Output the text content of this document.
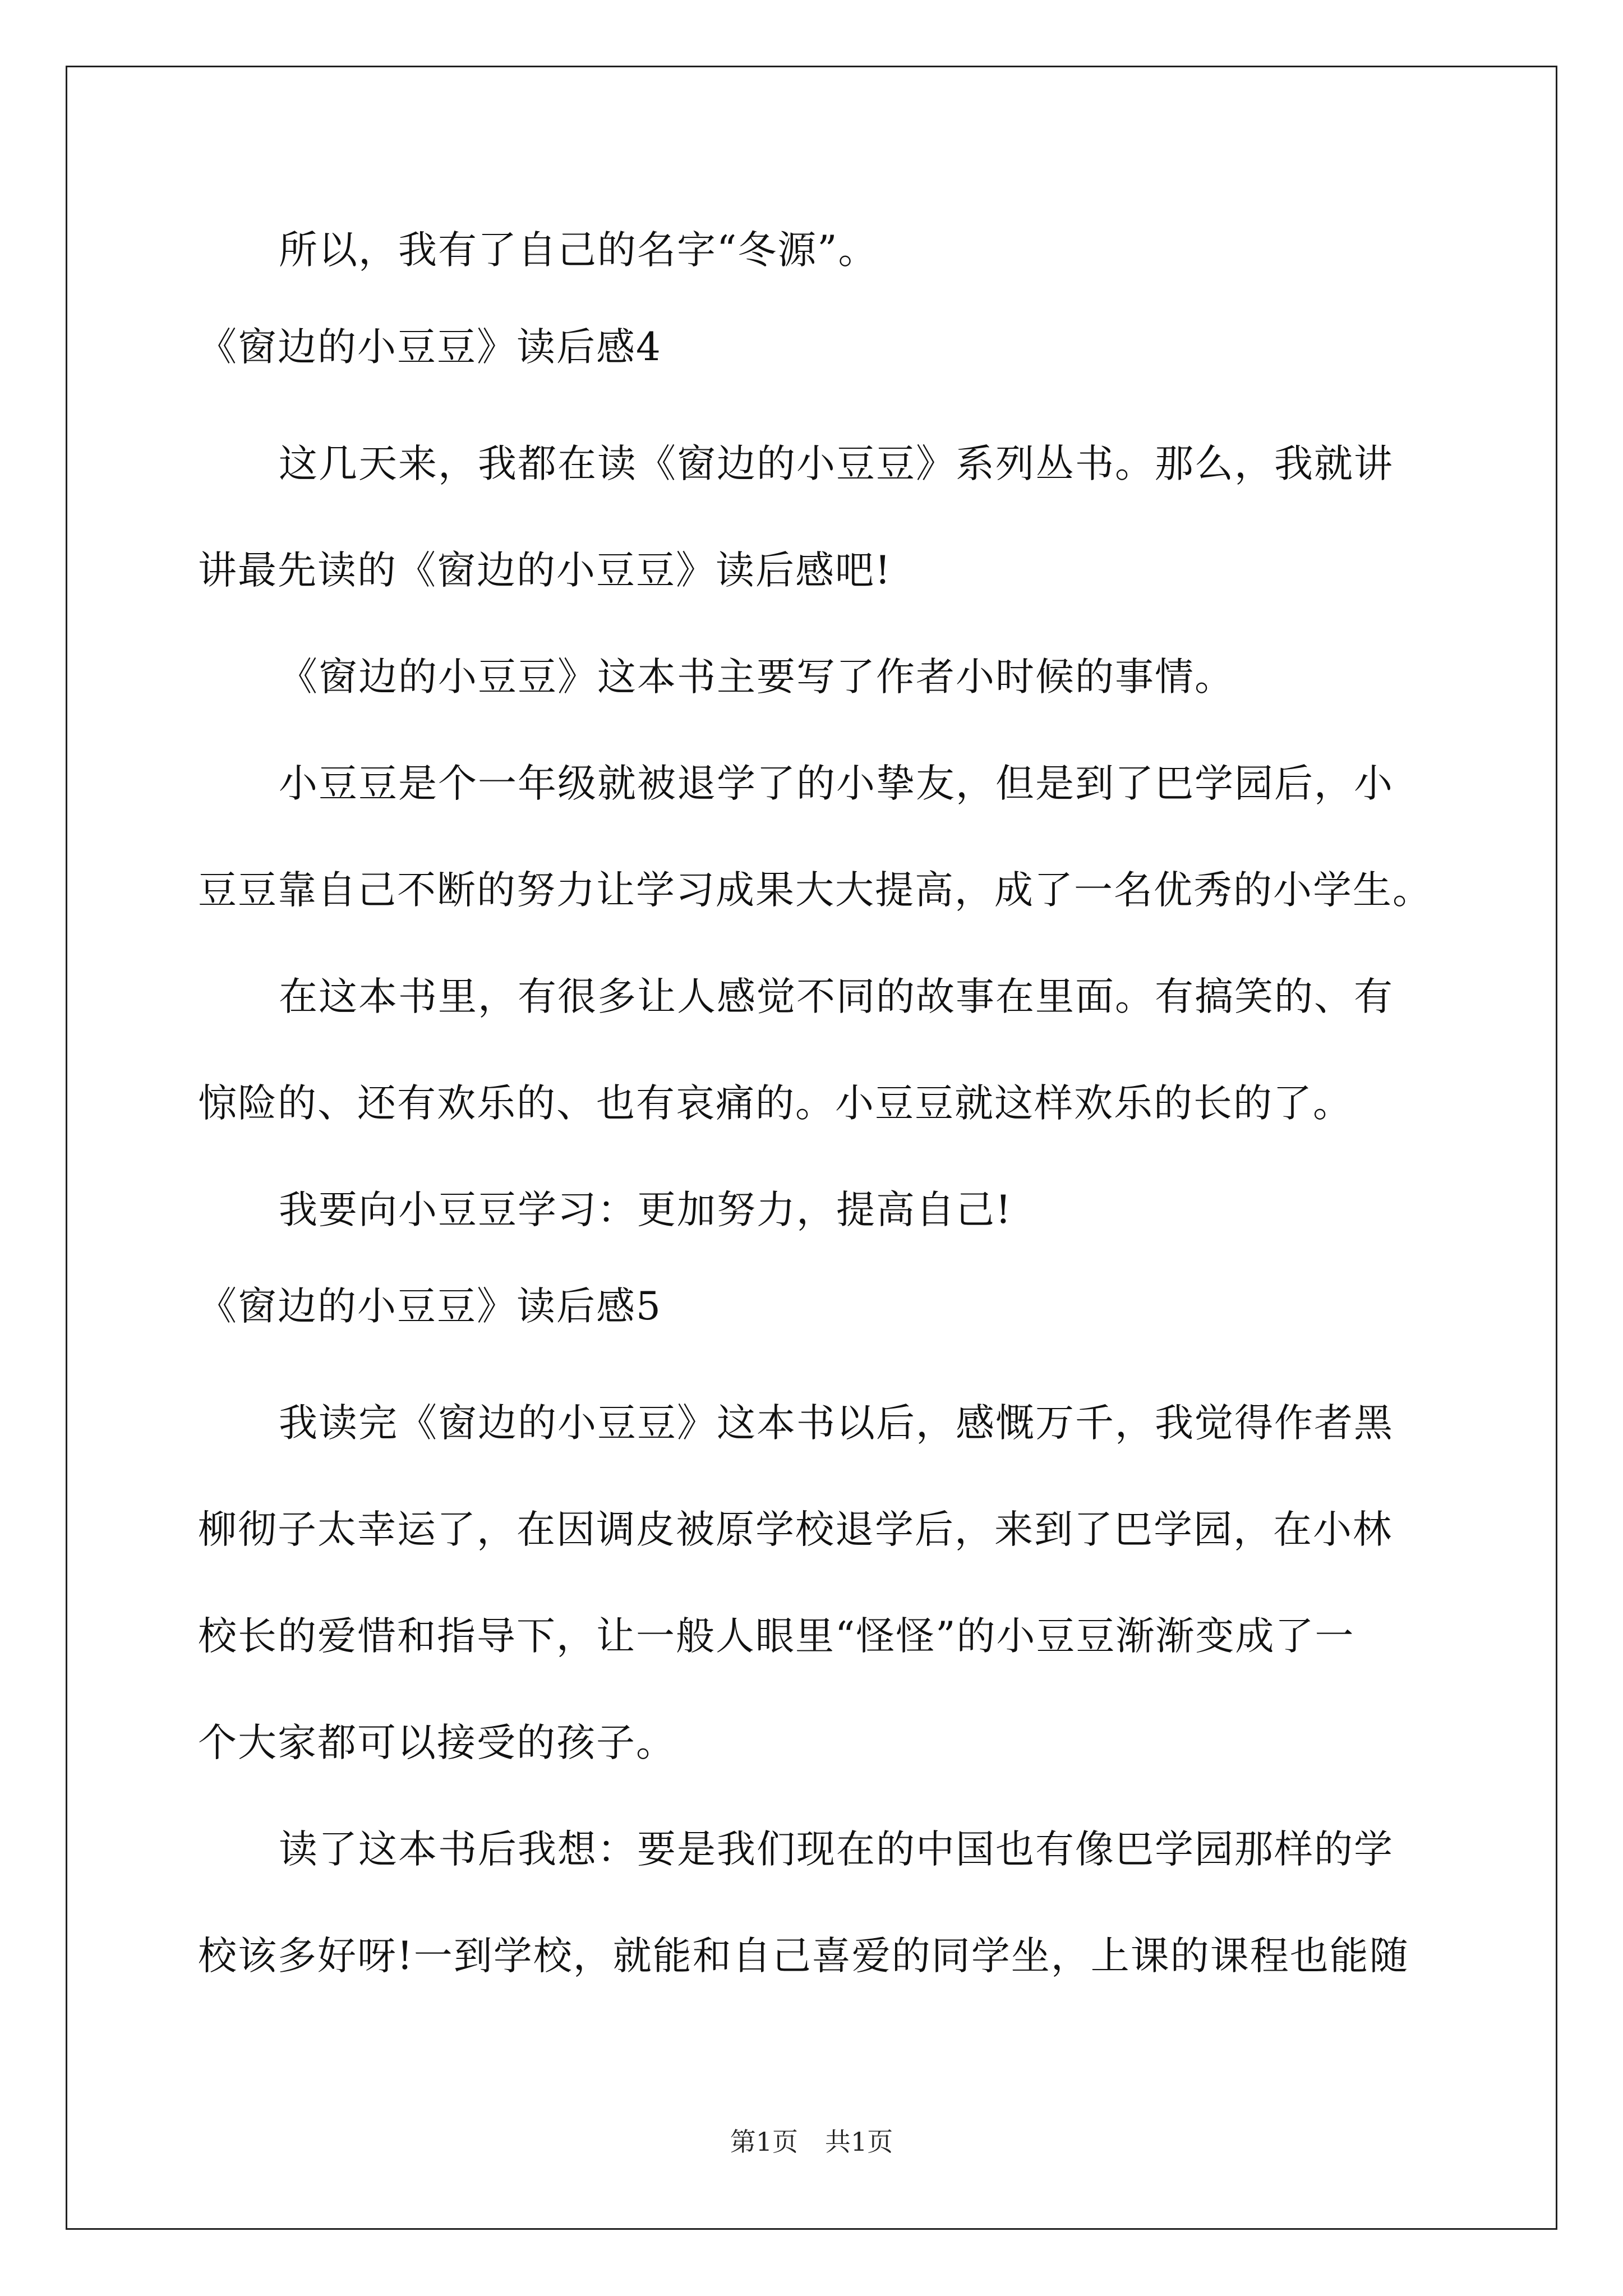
所以，我有了自己的名字“冬源”。

《窗边的小豆豆》读后感4

这几天来，我都在读《窗边的小豆豆》系列丛书。那么，我就讲

讲最先读的《窗边的小豆豆》读后感吧!

《窗边的小豆豆》这本书主要写了作者小时候的事情。

小豆豆是个一年级就被退学了的小挚友，但是到了巴学园后，小

豆豆靠自己不断的努力让学习成果大大提高，成了一名优秀的小学生。

在这本书里，有很多让人感觉不同的故事在里面。有搞笑的、有

惊险的、还有欢乐的、也有哀痛的。小豆豆就这样欢乐的长的了。

我要向小豆豆学习：更加努力，提高自己!

《窗边的小豆豆》读后感5

我读完《窗边的小豆豆》这本书以后，感慨万千，我觉得作者黑

柳彻子太幸运了，在因调皮被原学校退学后，来到了巴学园，在小林

校长的爱惜和指导下，让一般人眼里“怪怪”的小豆豆渐渐变成了一

个大家都可以接受的孩子。

读了这本书后我想：要是我们现在的中国也有像巴学园那样的学

校该多好呀!一到学校，就能和自己喜爱的同学坐，上课的课程也能随

第1页 共1页
